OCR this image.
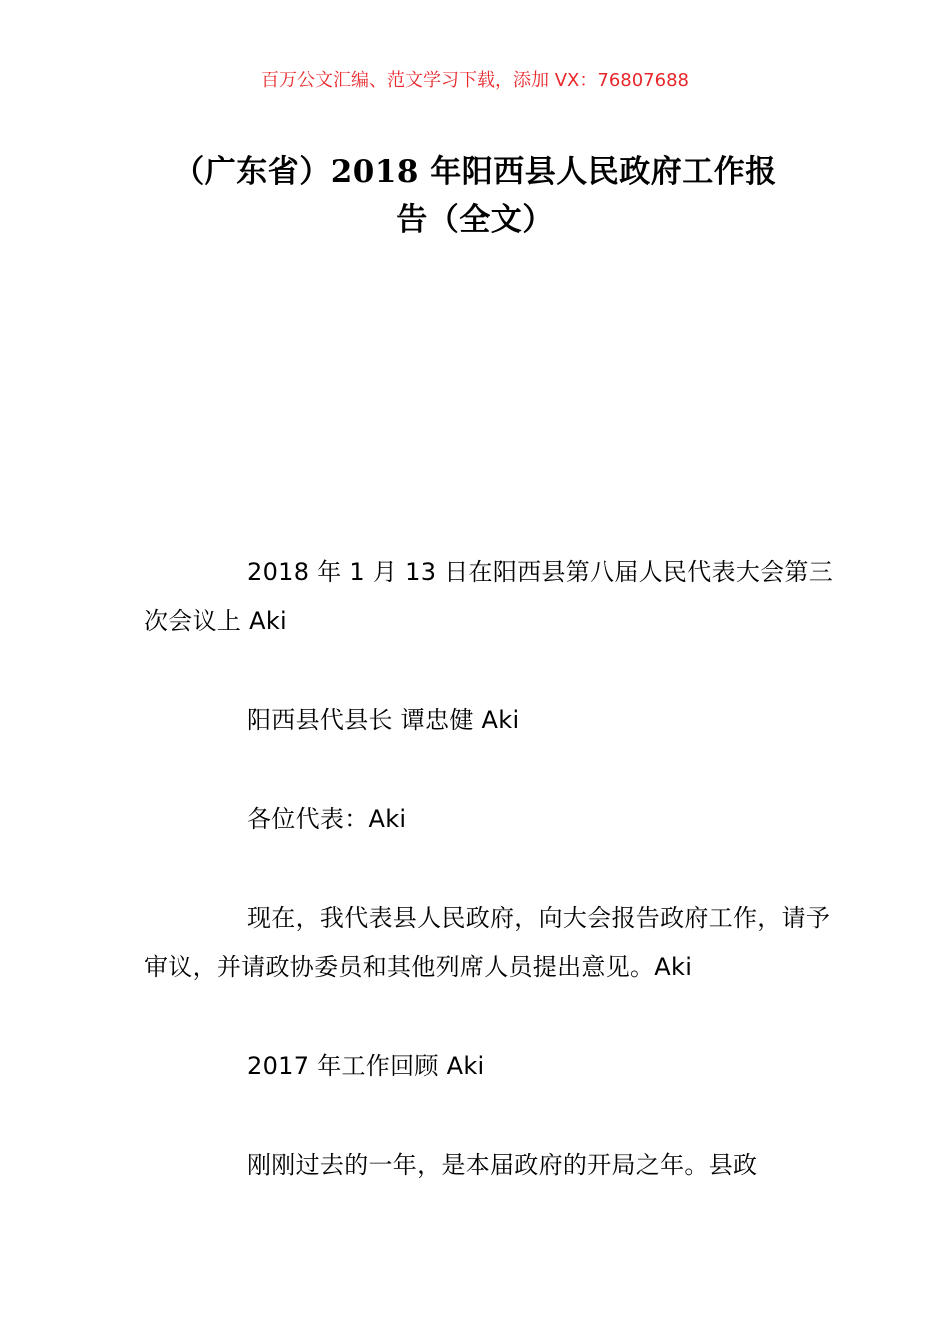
百万公文汇编、范文学习下载，添加 VX：76807688
（广东省）2018 年阳西县人民政府工作报
告（全文）

2018 年 1 月 13 日在阳西县第八届人民代表大会第三次会议上 Aki

阳西县代县长 谭忠健 Aki

各位代表：Aki

现在，我代表县人民政府，向大会报告政府工作，请予审议，并请政协委员和其他列席人员提出意见。Aki

2017 年工作回顾 Aki

刚刚过去的一年，是本届政府的开局之年。县政
